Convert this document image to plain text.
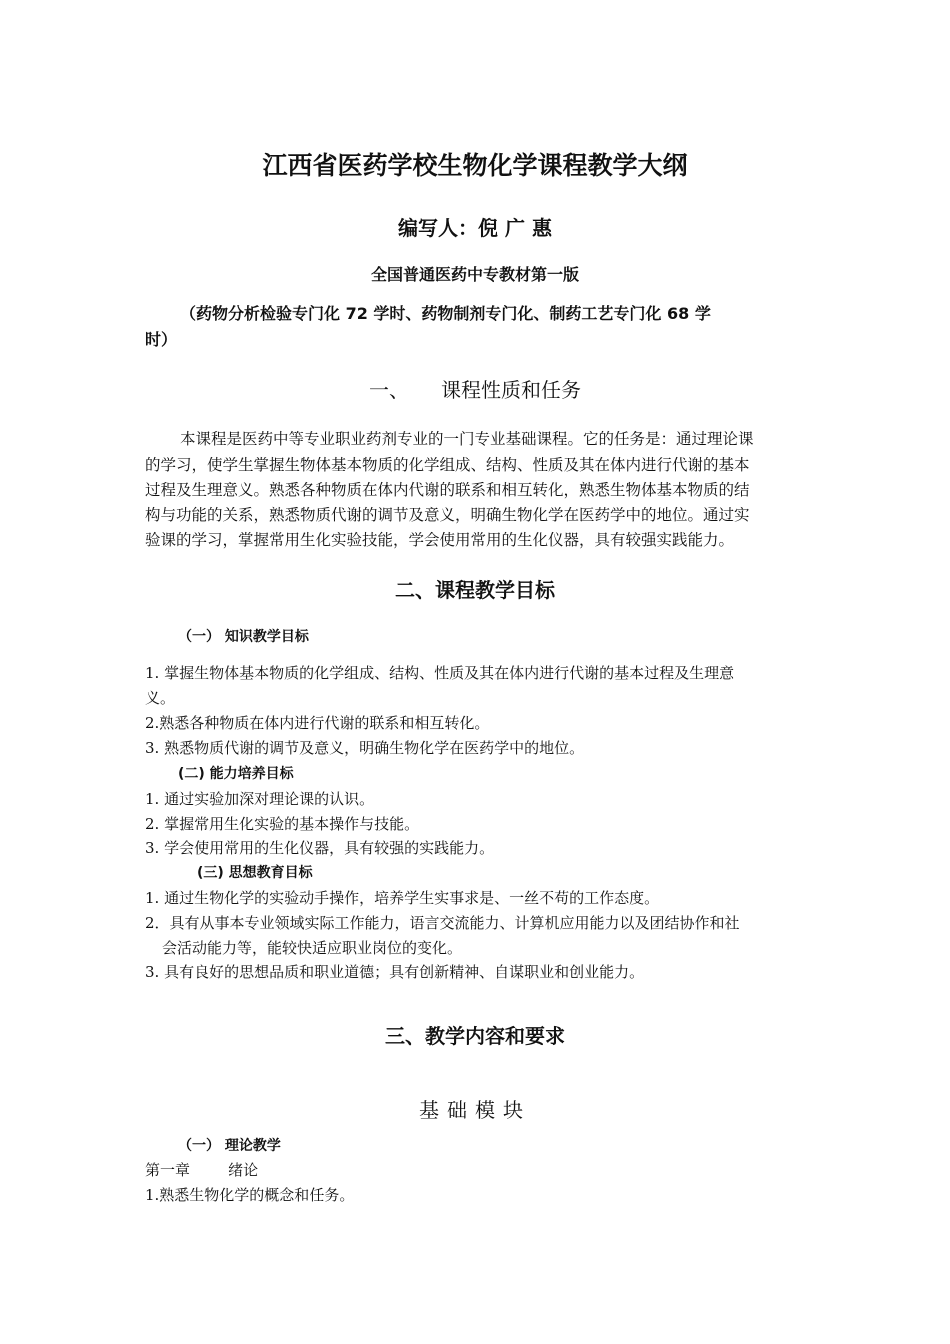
江西省医药学校生物化学课程教学大纲
编写人：倪 广 惠
全国普通医药中专教材第一版
（药物分析检验专门化 72 学时、药物制剂专门化、制药工艺专门化 68 学
时）
一、 课程性质和任务
本课程是医药中等专业职业药剂专业的一门专业基础课程。它的任务是：通过理论课
的学习，使学生掌握生物体基本物质的化学组成、结构、性质及其在体内进行代谢的基本
过程及生理意义。熟悉各种物质在体内代谢的联系和相互转化，熟悉生物体基本物质的结
构与功能的关系，熟悉物质代谢的调节及意义，明确生物化学在医药学中的地位。通过实
验课的学习，掌握常用生化实验技能，学会使用常用的生化仪器，具有较强实践能力。
二、课程教学目标
（一） 知识教学目标
1. 掌握生物体基本物质的化学组成、结构、性质及其在体内进行代谢的基本过程及生理意
义。
2.熟悉各种物质在体内进行代谢的联系和相互转化。
3. 熟悉物质代谢的调节及意义，明确生物化学在医药学中的地位。
(二) 能力培养目标
1. 通过实验加深对理论课的认识。
2. 掌握常用生化实验的基本操作与技能。
3. 学会使用常用的生化仪器，具有较强的实践能力。
(三) 思想教育目标
1. 通过生物化学的实验动手操作，培养学生实事求是、一丝不苟的工作态度。
2．具有从事本专业领域实际工作能力，语言交流能力、计算机应用能力以及团结协作和社
会活动能力等，能较快适应职业岗位的变化。
3. 具有良好的思想品质和职业道德；具有创新精神、自谋职业和创业能力。
三、教学内容和要求
基础模块
（一） 理论教学
第一章        绪论
1.熟悉生物化学的概念和任务。
